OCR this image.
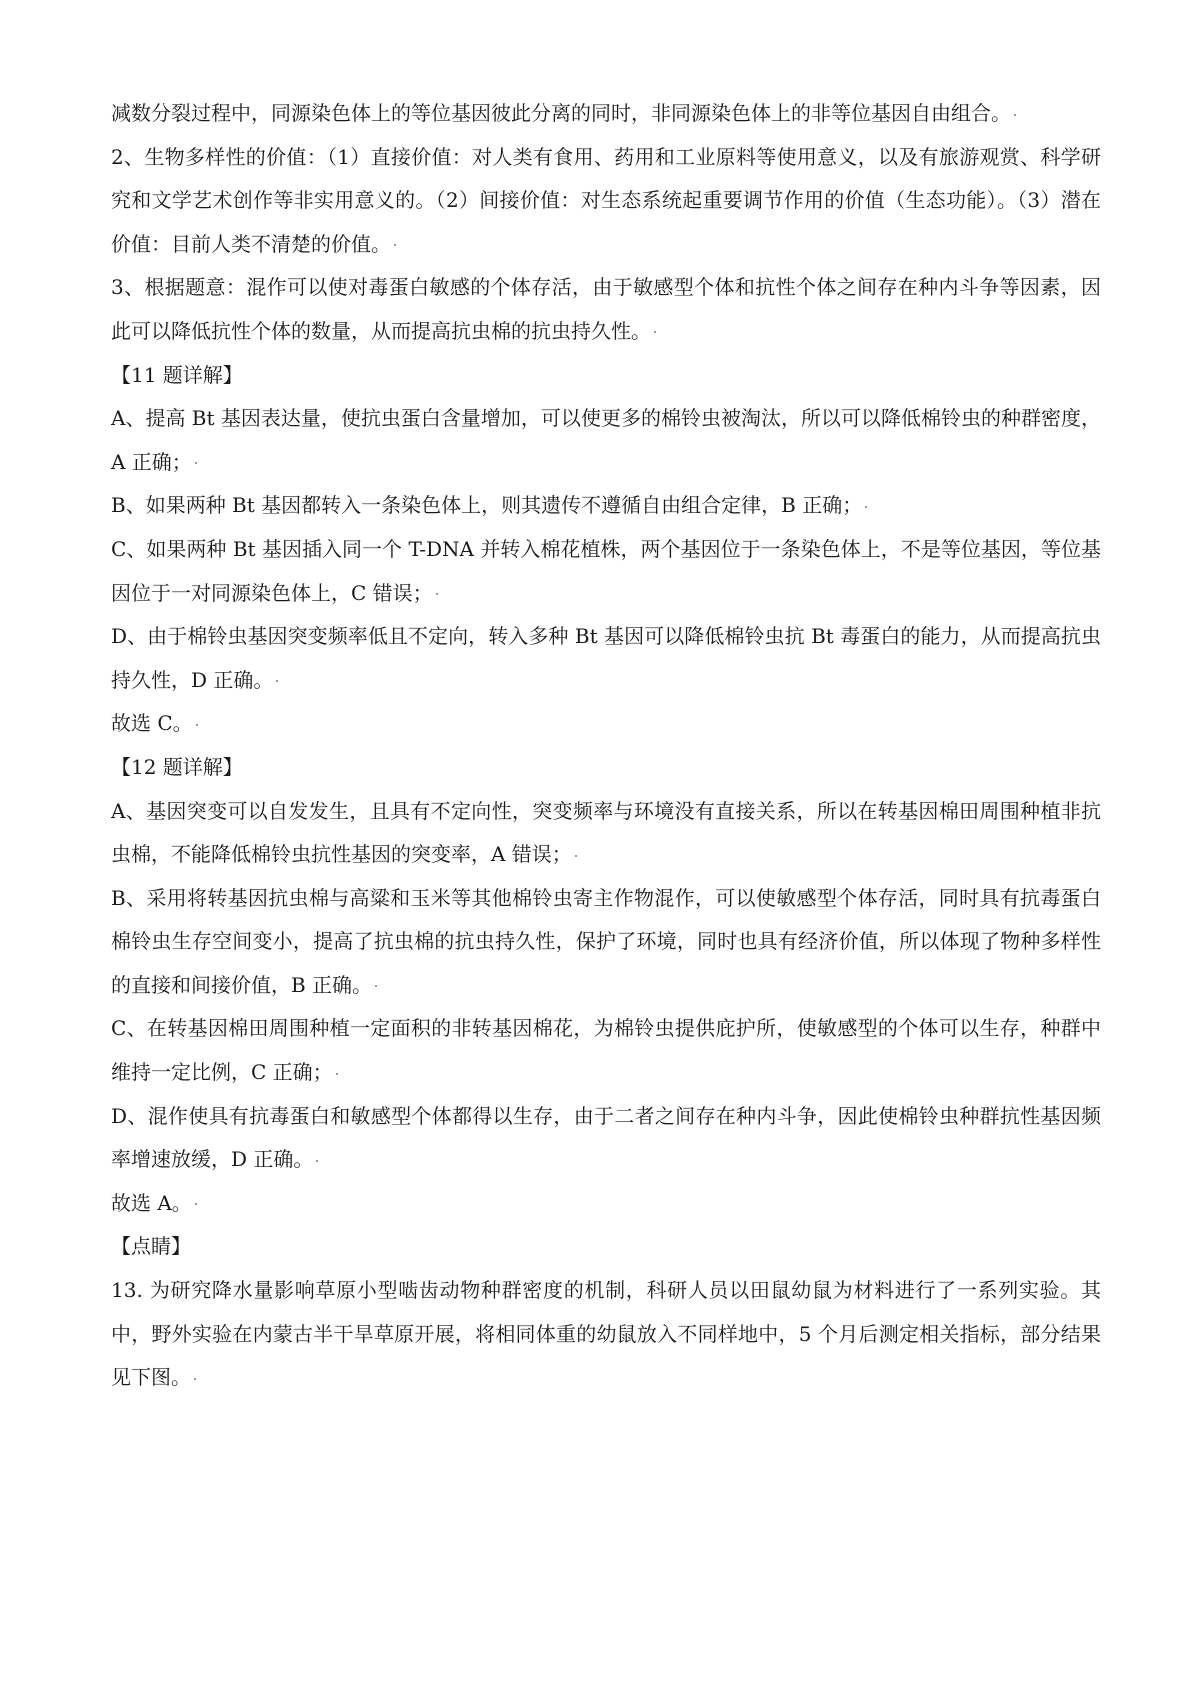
减数分裂过程中，同源染色体上的等位基因彼此分离的同时，非同源染色体上的非等位基因自由组合。

2、生物多样性的价值：（1）直接价值：对人类有食用、药用和工业原料等使用意义，以及有旅游观赏、科学研究和文学艺术创作等非实用意义的。（2）间接价值：对生态系统起重要调节作用的价值（生态功能）。（3）潜在价值：目前人类不清楚的价值。

3、根据题意：混作可以使对毒蛋白敏感的个体存活，由于敏感型个体和抗性个体之间存在种内斗争等因素，因此可以降低抗性个体的数量，从而提高抗虫棉的抗虫持久性。

【11 题详解】

A、提高 Bt 基因表达量，使抗虫蛋白含量增加，可以使更多的棉铃虫被淘汰，所以可以降低棉铃虫的种群密度，A 正确；

B、如果两种 Bt 基因都转入一条染色体上，则其遗传不遵循自由组合定律，B 正确；

C、如果两种 Bt 基因插入同一个 T-DNA 并转入棉花植株，两个基因位于一条染色体上，不是等位基因，等位基因位于一对同源染色体上，C 错误；

D、由于棉铃虫基因突变频率低且不定向，转入多种 Bt 基因可以降低棉铃虫抗 Bt 毒蛋白的能力，从而提高抗虫持久性，D 正确。

故选 C。

【12 题详解】

A、基因突变可以自发发生，且具有不定向性，突变频率与环境没有直接关系，所以在转基因棉田周围种植非抗虫棉，不能降低棉铃虫抗性基因的突变率，A 错误；

B、采用将转基因抗虫棉与高粱和玉米等其他棉铃虫寄主作物混作，可以使敏感型个体存活，同时具有抗毒蛋白　棉铃虫生存空间变小，提高了抗虫棉的抗虫持久性，保护了环境，同时也具有经济价值，所以体现了物种多样性的直接和间接价值，B 正确。

C、在转基因棉田周围种植一定面积的非转基因棉花，为棉铃虫提供庇护所，使敏感型的个体可以生存，种群中维持一定比例，C 正确；

D、混作使具有抗毒蛋白和敏感型个体都得以生存，由于二者之间存在种内斗争，因此使棉铃虫种群抗性基因频率增速放缓，D 正确。

故选 A。

【点睛】

13. 为研究降水量影响草原小型啮齿动物种群密度的机制，科研人员以田鼠幼鼠为材料进行了一系列实验。其中，野外实验在内蒙古半干旱草原开展，将相同体重的幼鼠放入不同样地中，5 个月后测定相关指标，部分结果见下图。
